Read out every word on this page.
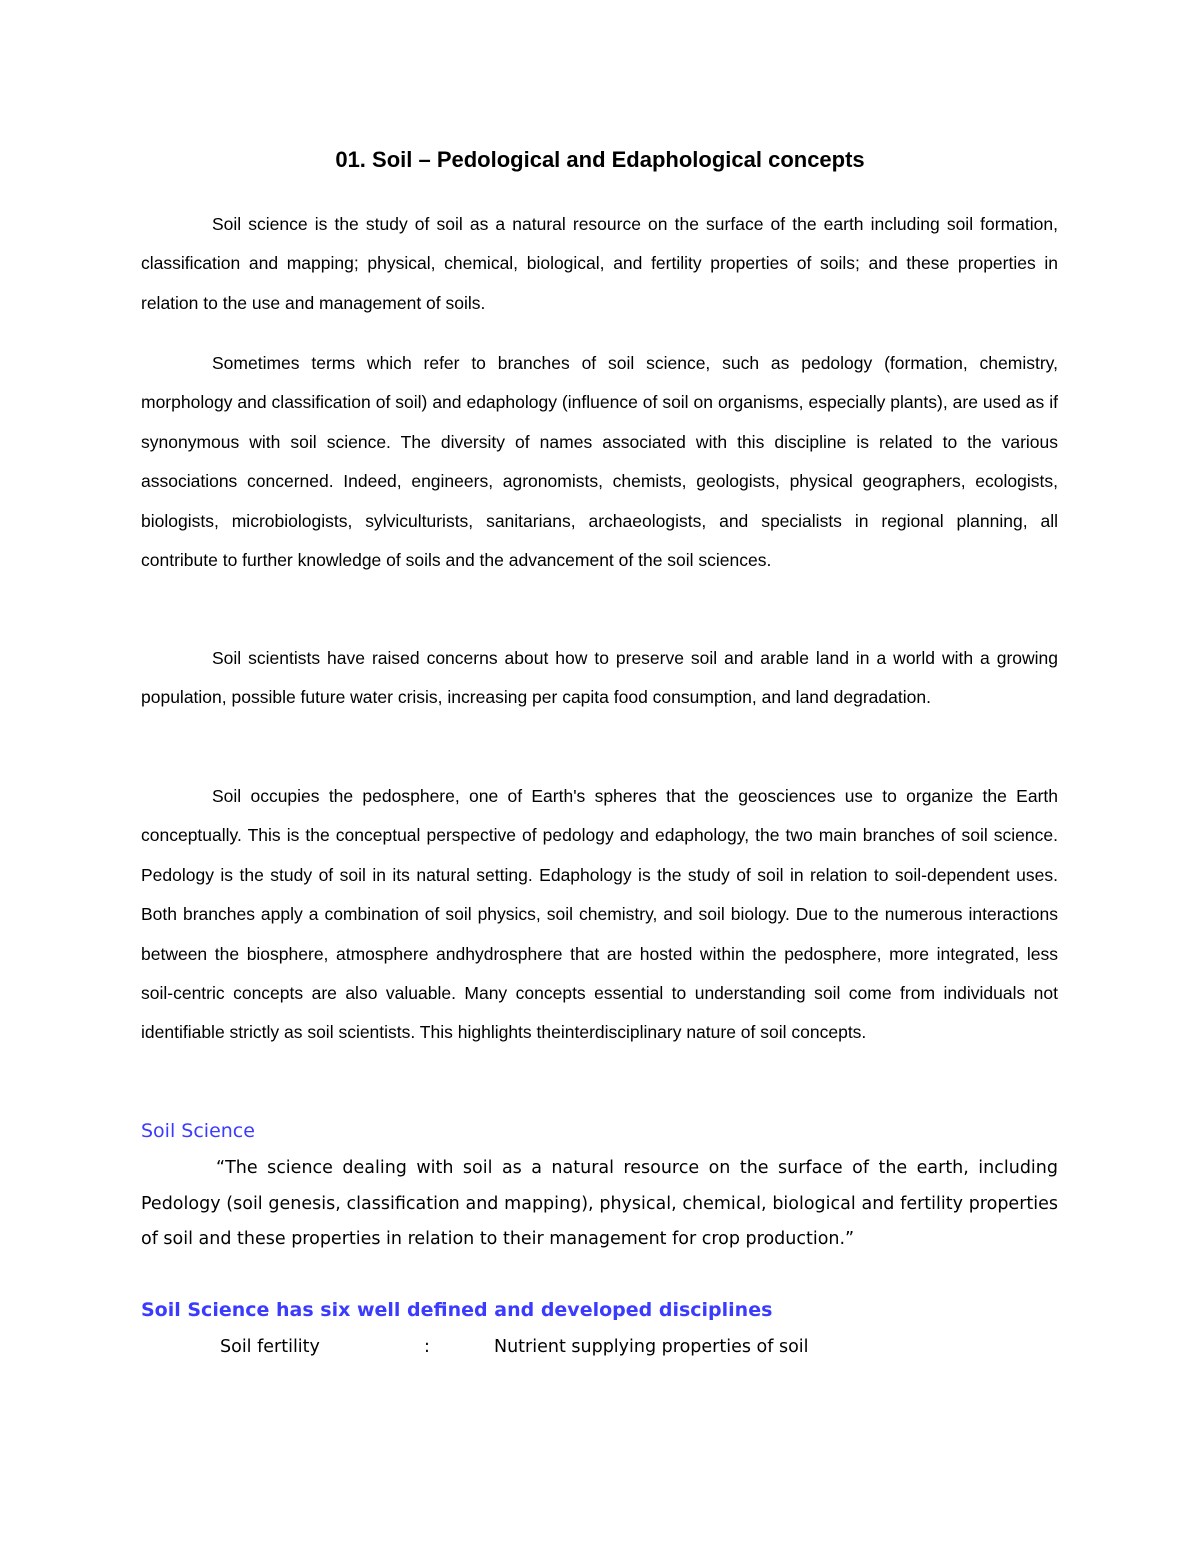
01. Soil – Pedological and Edaphological concepts

Soil science is the study of soil as a natural resource on the surface of the earth including soil formation, classification and mapping; physical, chemical, biological, and fertility properties of soils; and these properties in relation to the use and management of soils.

Sometimes terms which refer to branches of soil science, such as pedology (formation, chemistry, morphology and classification of soil) and edaphology (influence of soil on organisms, especially plants), are used as if synonymous with soil science. The diversity of names associated with this discipline is related to the various associations concerned. Indeed, engineers, agronomists, chemists, geologists, physical geographers, ecologists, biologists, microbiologists, sylviculturists, sanitarians, archaeologists, and specialists in regional planning, all contribute to further knowledge of soils and the advancement of the soil sciences.

Soil scientists have raised concerns about how to preserve soil and arable land in a world with a growing population, possible future water crisis, increasing per capita food consumption, and land degradation.

Soil occupies the pedosphere, one of Earth's spheres that the geosciences use to organize the Earth conceptually. This is the conceptual perspective of pedology and edaphology, the two main branches of soil science. Pedology is the study of soil in its natural setting. Edaphology is the study of soil in relation to soil-dependent uses. Both branches apply a combination of soil physics, soil chemistry, and soil biology. Due to the numerous interactions between the biosphere, atmosphere andhydrosphere that are hosted within the pedosphere, more integrated, less soil-centric concepts are also valuable. Many concepts essential to understanding soil come from individuals not identifiable strictly as soil scientists. This highlights theinterdisciplinary nature of soil concepts.

Soil Science

“The science dealing with soil as a natural resource on the surface of the earth, including Pedology (soil genesis, classification and mapping), physical, chemical, biological and fertility properties of soil and these properties in relation to their management for crop production.”

Soil Science has six well defined and developed disciplines
Soil fertility	:	Nutrient supplying properties of soil
